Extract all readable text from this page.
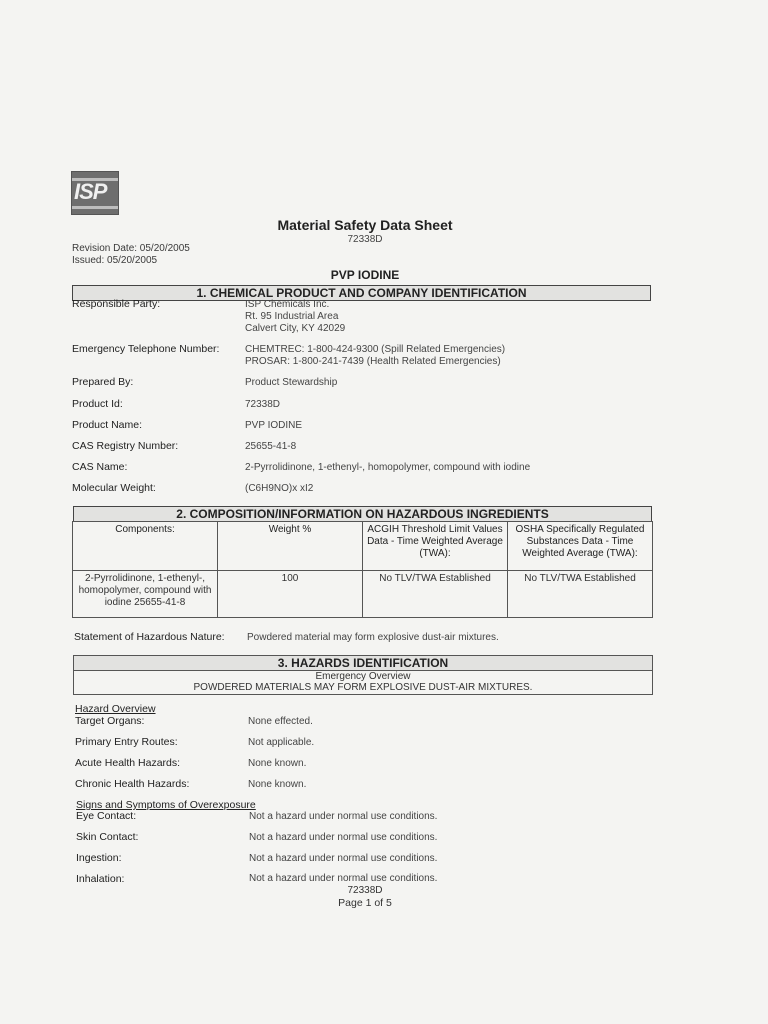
ISP
Material Safety Data Sheet
72338D
Revision Date: 05/20/2005
Issued: 05/20/2005
PVP IODINE
1. CHEMICAL PRODUCT AND COMPANY IDENTIFICATION
Responsible Party:	ISP Chemicals Inc.
Rt. 95 Industrial Area
Calvert City, KY 42029
Emergency Telephone Number:	CHEMTREC: 1-800-424-9300 (Spill Related Emergencies)
PROSAR: 1-800-241-7439 (Health Related Emergencies)
Prepared By:	Product Stewardship
Product Id:	72338D
Product Name:	PVP IODINE
CAS Registry Number:	25655-41-8
CAS Name:	2-Pyrrolidinone, 1-ethenyl-, homopolymer, compound with iodine
Molecular Weight:	(C6H9NO)x xI2
2. COMPOSITION/INFORMATION ON HAZARDOUS INGREDIENTS
Components:	Weight %	ACGIH Threshold Limit Values Data - Time Weighted Average (TWA):	OSHA Specifically Regulated Substances Data - Time Weighted Average (TWA):
2-Pyrrolidinone, 1-ethenyl-, homopolymer, compound with iodine 25655-41-8	100	No TLV/TWA Established	No TLV/TWA Established
Statement of Hazardous Nature: Powdered material may form explosive dust-air mixtures.
3. HAZARDS IDENTIFICATION
Emergency Overview
POWDERED MATERIALS MAY FORM EXPLOSIVE DUST-AIR MIXTURES.
Hazard Overview
Target Organs:	None effected.
Primary Entry Routes:	Not applicable.
Acute Health Hazards:	None known.
Chronic Health Hazards:	None known.
Signs and Symptoms of Overexposure
Eye Contact:	Not a hazard under normal use conditions.
Skin Contact:	Not a hazard under normal use conditions.
Ingestion:	Not a hazard under normal use conditions.
Inhalation:	Not a hazard under normal use conditions.
72338D
Page 1 of 5
